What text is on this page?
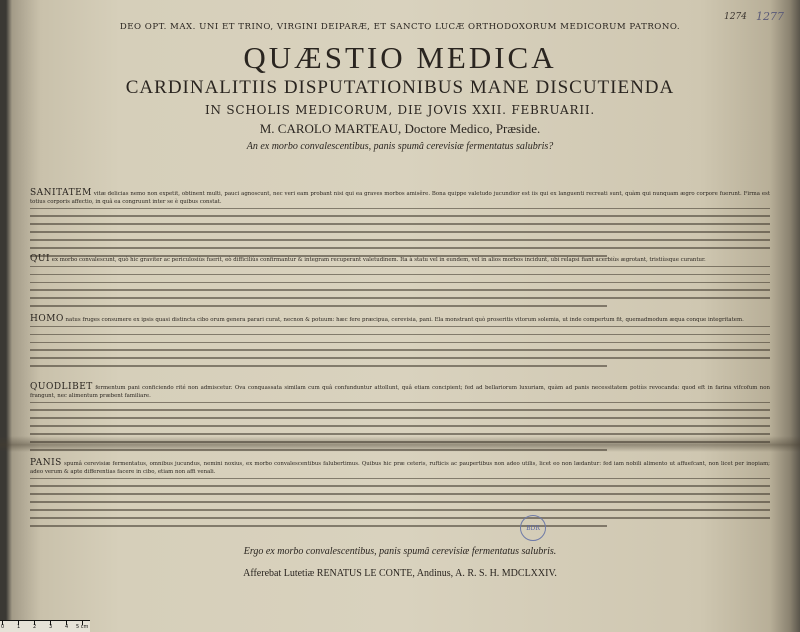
1274 1277
DEO OPT. MAX. UNI ET TRINO, VIRGINI DEIPARÆ, ET SANCTO LUCÆ ORTHODOXORUM MEDICORUM PATRONO.
QUÆSTIO MEDICA
CARDINALITIIS DISPUTATIONIBUS MANE DISCUTIENDA
IN SCHOLIS MEDICORUM, DIE JOVIS XXII. FEBRUARII.
M. CAROLO MARTEAU, Doctore Medico, Præside.
An ex morbo convalescentibus, panis spumâ cerevisiæ fermentatus salubris?
SANITATEM vitæ delicias nemo non expetit, obtinent multi, pauci agnoscunt, nec veri eam probant nisi qui ea graves morbos amisêre. Bona quippe valetudo jucundior est iis qui ex languenti recreati sunt, quàm qui nunquam ægro corpore fuerunt. Firma est totius corporis affectio, in quâ ea congruunt inter se è quibus constat.
QUI ex morbo convalescunt, quò hic graviter ac periculosiùs fuerit, eò difficiliùs confirmantur & integram recuperant valetudinem. Ita à statu vel in eundem, vel in alios morbos incidunt, ubi relapsi fiant acerbiùs ægrotant, tristiùsque curantur.
HOMO natus fruges consumere ex ipsis quasi distincta cibo orum genera parari curat, necnon & potuum: hæc fere præcipua, cerevisia, pani. Ela monstrant quò proseritis vitorum solemia, ut inde compertum fit, quemadmodum æqua conque integritatem.
QUODLIBET fermentum pani conficiendo rité non admiscetur. Ova conquassata similam cum quâ confunduntur attollunt, quâ etiam concipient; fed ad bellariorum luxuriam, quàm ad panis necessitatem potiùs revocanda: quod eft in farina vifcofum non frangunt, nec alimentum præbent familiare.
PANIS spumâ cerevisiæ fermentatus, omnibus jucundus, nemini noxius, ex morbo convalescentibus falubertimus. Quibus hic præ ceteris, rufticis ac paupertibus non adeo utilis, licet eo non lædantur: fed iam nobili alimento ut affuefcant, non licet per inopiam; adeo verum & apte differentias facere in cibo, etiam non affi venali.
BDR
Ergo ex morbo convalescentibus, panis spumâ cerevisiæ fermentatus salubris.
Afferebat Lutetiæ RENATUS LE CONTE, Andinus, A. R. S. H. MDCLXXIV.
0	1	2	3	4 5 cm
